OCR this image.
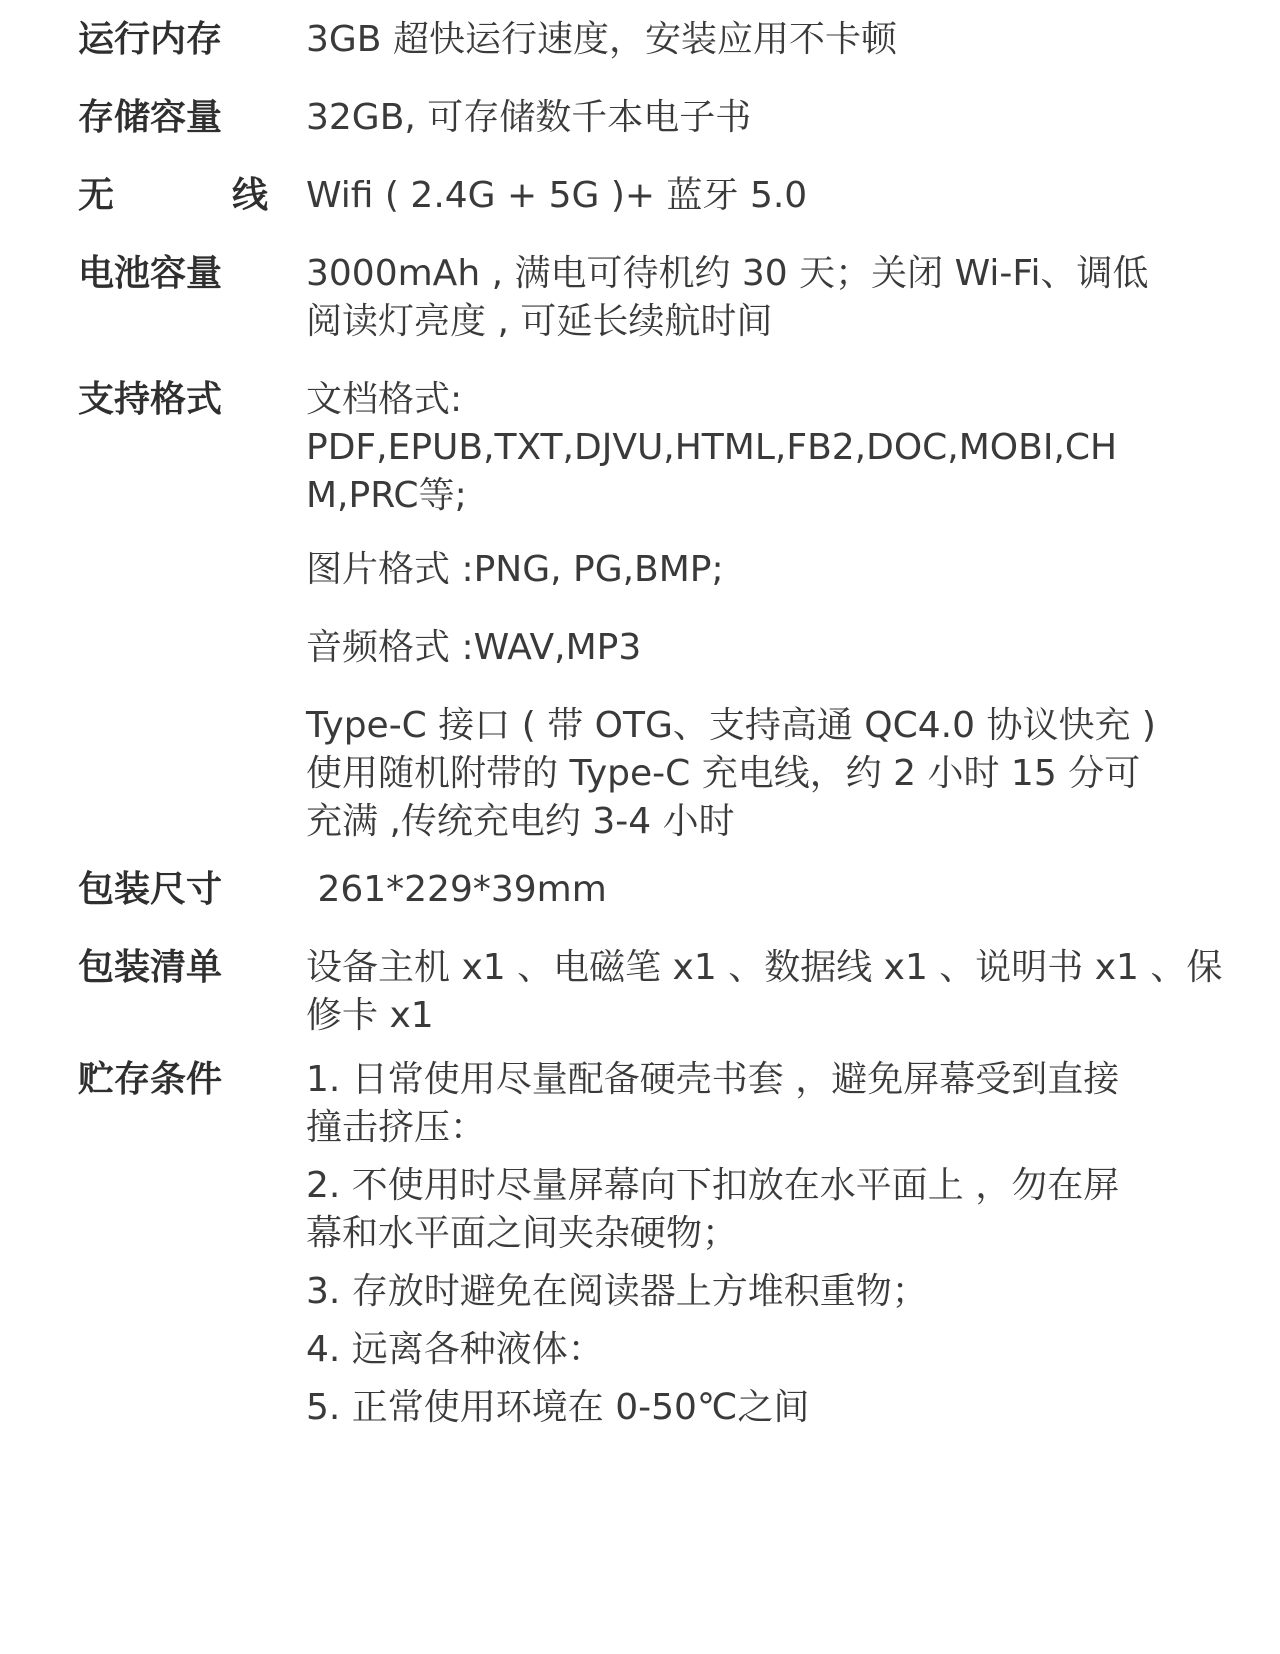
运行内存 3GB 超快运行速度，安装应用不卡顿
存储容量 32GB, 可存储数千本电子书
无	线 Wifi ( 2.4G + 5G )+ 蓝牙 5.0
电池容量 3000mAh , 满电可待机约 30 天；关闭 Wi-Fi、调低
阅读灯亮度 , 可延长续航时间
支持格式 文档格式:
PDF,EPUB,TXT,DJVU,HTML,FB2,DOC,MOBI,CH
M,PRC等;
图片格式 :PNG, PG,BMP;
音频格式 :WAV,MP3
Type-C 接口 ( 带 OTG、支持高通 QC4.0 协议快充 )
使用随机附带的 Type-C 充电线，约 2 小时 15 分可
充满 ,传统充电约 3-4 小时
包装尺寸 261*229*39mm
包装清单 设备主机 x1 、电磁笔 x1 、数据线 x1 、说明书 x1 、保
修卡 x1
贮存条件 1. 日常使用尽量配备硬壳书套 ，避免屏幕受到直接
撞击挤压：
2. 不使用时尽量屏幕向下扣放在水平面上 ，勿在屏
幕和水平面之间夹杂硬物；
3. 存放时避免在阅读器上方堆积重物；
4. 远离各种液体：
5. 正常使用环境在 0-50℃之间
